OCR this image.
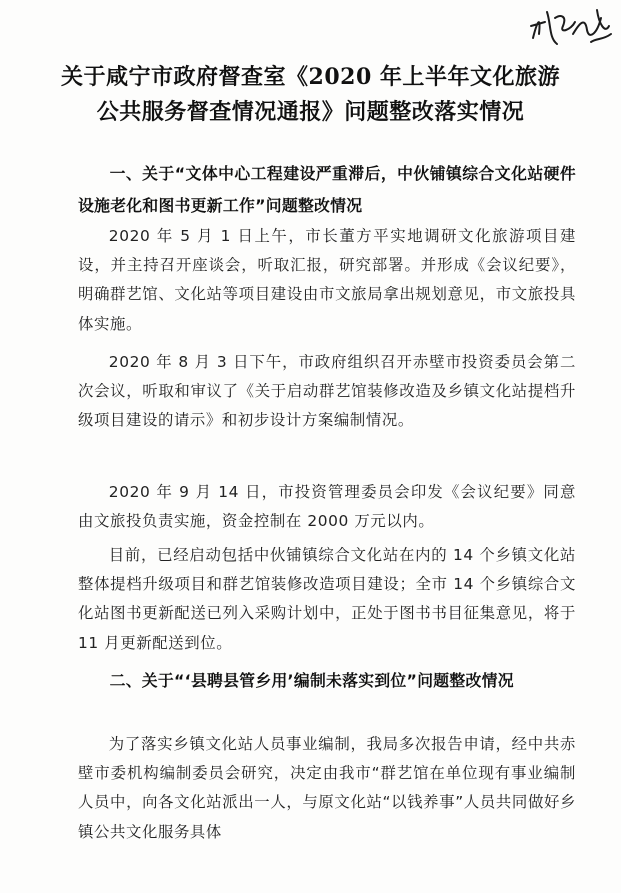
关于咸宁市政府督查室《2020 年上半年文化旅游
公共服务督查情况通报》问题整改落实情况
一、关于“文体中心工程建设严重滞后，中伙铺镇综合文化站硬件设施老化和图书更新工作”问题整改情况
2020 年 5 月 1 日上午，市长董方平实地调研文化旅游项目建设，并主持召开座谈会，听取汇报，研究部署。并形成《会议纪要》，明确群艺馆、文化站等项目建设由市文旅局拿出规划意见，市文旅投具体实施。
2020 年 8 月 3 日下午，市政府组织召开赤壁市投资委员会第二次会议，听取和审议了《关于启动群艺馆装修改造及乡镇文化站提档升级项目建设的请示》和初步设计方案编制情况。
2020 年 9 月 14 日，市投资管理委员会印发《会议纪要》同意由文旅投负责实施，资金控制在 2000 万元以内。
目前，已经启动包括中伙铺镇综合文化站在内的 14 个乡镇文化站整体提档升级项目和群艺馆装修改造项目建设；全市 14 个乡镇综合文化站图书更新配送已列入采购计划中，正处于图书书目征集意见，将于 11 月更新配送到位。
二、关于“‘县聘县管乡用’编制未落实到位”问题整改情况
为了落实乡镇文化站人员事业编制，我局多次报告申请，经中共赤壁市委机构编制委员会研究，决定由我市“群艺馆在单位现有事业编制人员中，向各文化站派出一人，与原文化站“以钱养事”人员共同做好乡镇公共文化服务具体
